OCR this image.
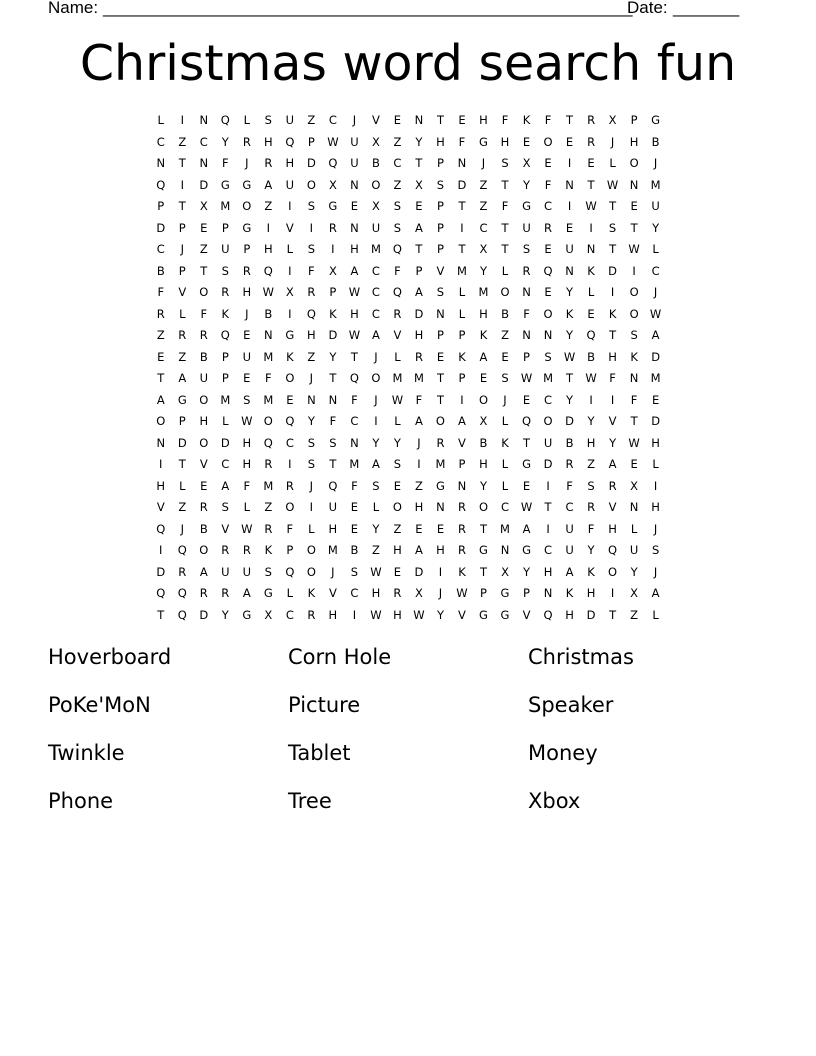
Name: ________________________________________________________
Date: _______
Christmas word search fun
L	I	N	Q	L	S	U	Z	C	J	V	E	N	T	E	H	F	K	F	T	R	X	P	G
C	Z	C	Y	R	H	Q	P	W	U	X	Z	Y	H	F	G	H	E	O	E	R	J	H	B
N	T	N	F	J	R	H	D	Q	U	B	C	T	P	N	J	S	X	E	I	E	L	O	J
Q	I	D	G	G	A	U	O	X	N	O	Z	X	S	D	Z	T	Y	F	N	T	W	N	M
P	T	X	M	O	Z	I	S	G	E	X	S	E	P	T	Z	F	G	C	I	W	T	E	U
D	P	E	P	G	I	V	I	R	N	U	S	A	P	I	C	T	U	R	E	I	S	T	Y
C	J	Z	U	P	H	L	S	I	H	M	Q	T	P	T	X	T	S	E	U	N	T	W	L
B	P	T	S	R	Q	I	F	X	A	C	F	P	V	M	Y	L	R	Q	N	K	D	I	C
F	V	O	R	H	W	X	R	P	W	C	Q	A	S	L	M	O	N	E	Y	L	I	O	J
R	L	F	K	J	B	I	Q	K	H	C	R	D	N	L	H	B	F	O	K	E	K	O W
Z	R	R	Q	E	N	G	H	D W	A	V	H	P	P	K	Z	N	N	Y	Q	T	S	A
E	Z	B	P	U	M	K	Z	Y	T	J	L	R	E	K	A	E	P	S	W	B	H	K	D
T	A	U	P	E	F	O	J	T	Q	O	M	M	T	P	E	S	W M	T	W	F	N	M
A	G	O	M	S	M	E	N	N	F	J	W	F	T	I	O	J	E	C	Y	I	I	F	E
O	P	H	L	W O	Q	Y	F	C	I	L	A	O	A	X	L	Q	O	D	Y	V	T	D
N	D	O	D	H	Q	C	S	S	N	Y	Y	J	R	V	B	K	T	U	B	H	Y	W	H
I	T	V	C	H	R	I	S	T	M	A	S	I	M	P	H	L	G	D	R	Z	A	E	L
H	L	E	A	F	M	R	J	Q	F	S	E	Z	G	N	Y	L	E	I	F	S	R	X	I
V	Z	R	S	L	Z	O	I	U	E	L	O	H	N	R	O	C	W	T	C	R	V	N	H
Q	J	B	V	W	R	F	L	H	E	Y	Z	E	E	R	T	M	A	I	U	F	H	L	J
I	Q	O	R	R	K	P	O	M	B	Z	H	A	H	R	G	N	G	C	U	Y	Q	U	S
D	R	A	U	U	S	Q	O	J	S	W	E	D	I	K	T	X	Y	H	A	K	O	Y	J
Q	Q	R	R	A	G	L	K	V	C	H	R	X	J	W	P	G	P	N	K	H	I	X	A
T	Q	D	Y	G	X	C	R	H	I	W	H	W	Y	V	G	G	V	Q	H	D	T	Z	L
Hoverboard	Corn Hole	Christmas
PoKe'MoN	Picture	Speaker
Twinkle	Tablet	Money
Phone	Tree	Xbox
